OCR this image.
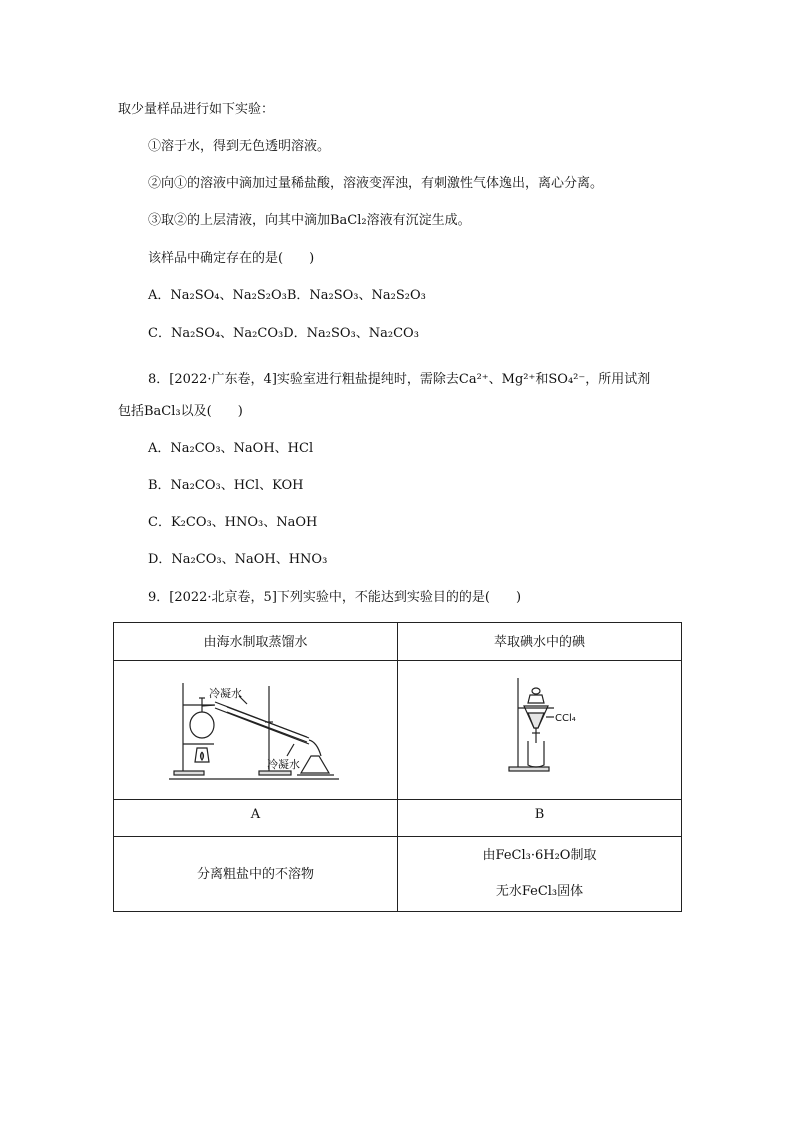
取少量样品进行如下实验：
①溶于水，得到无色透明溶液。
②向①的溶液中滴加过量稀盐酸，溶液变浑浊，有刺激性气体逸出，离心分离。
③取②的上层清液，向其中滴加BaCl₂溶液有沉淀生成。
该样品中确定存在的是(　　)
A．Na₂SO₄、Na₂S₂O₃B．Na₂SO₃、Na₂S₂O₃
C．Na₂SO₄、Na₂CO₃D．Na₂SO₃、Na₂CO₃
8．[2022·广东卷，4]实验室进行粗盐提纯时，需除去Ca²⁺、Mg²⁺和SO₄²⁻，所用试剂
包括BaCl₃以及(　　)
A．Na₂CO₃、NaOH、HCl
B．Na₂CO₃、HCl、KOH
C．K₂CO₃、HNO₃、NaOH
D．Na₂CO₃、NaOH、HNO₃
9．[2022·北京卷，5]下列实验中，不能达到实验目的的是(　　)
由海水制取蒸馏水	萃取碘水中的碘
冷凝水
冷凝水
CCl₄
A	B
分离粗盐中的不溶物
由FeCl₃·6H₂O制取
无水FeCl₃固体
